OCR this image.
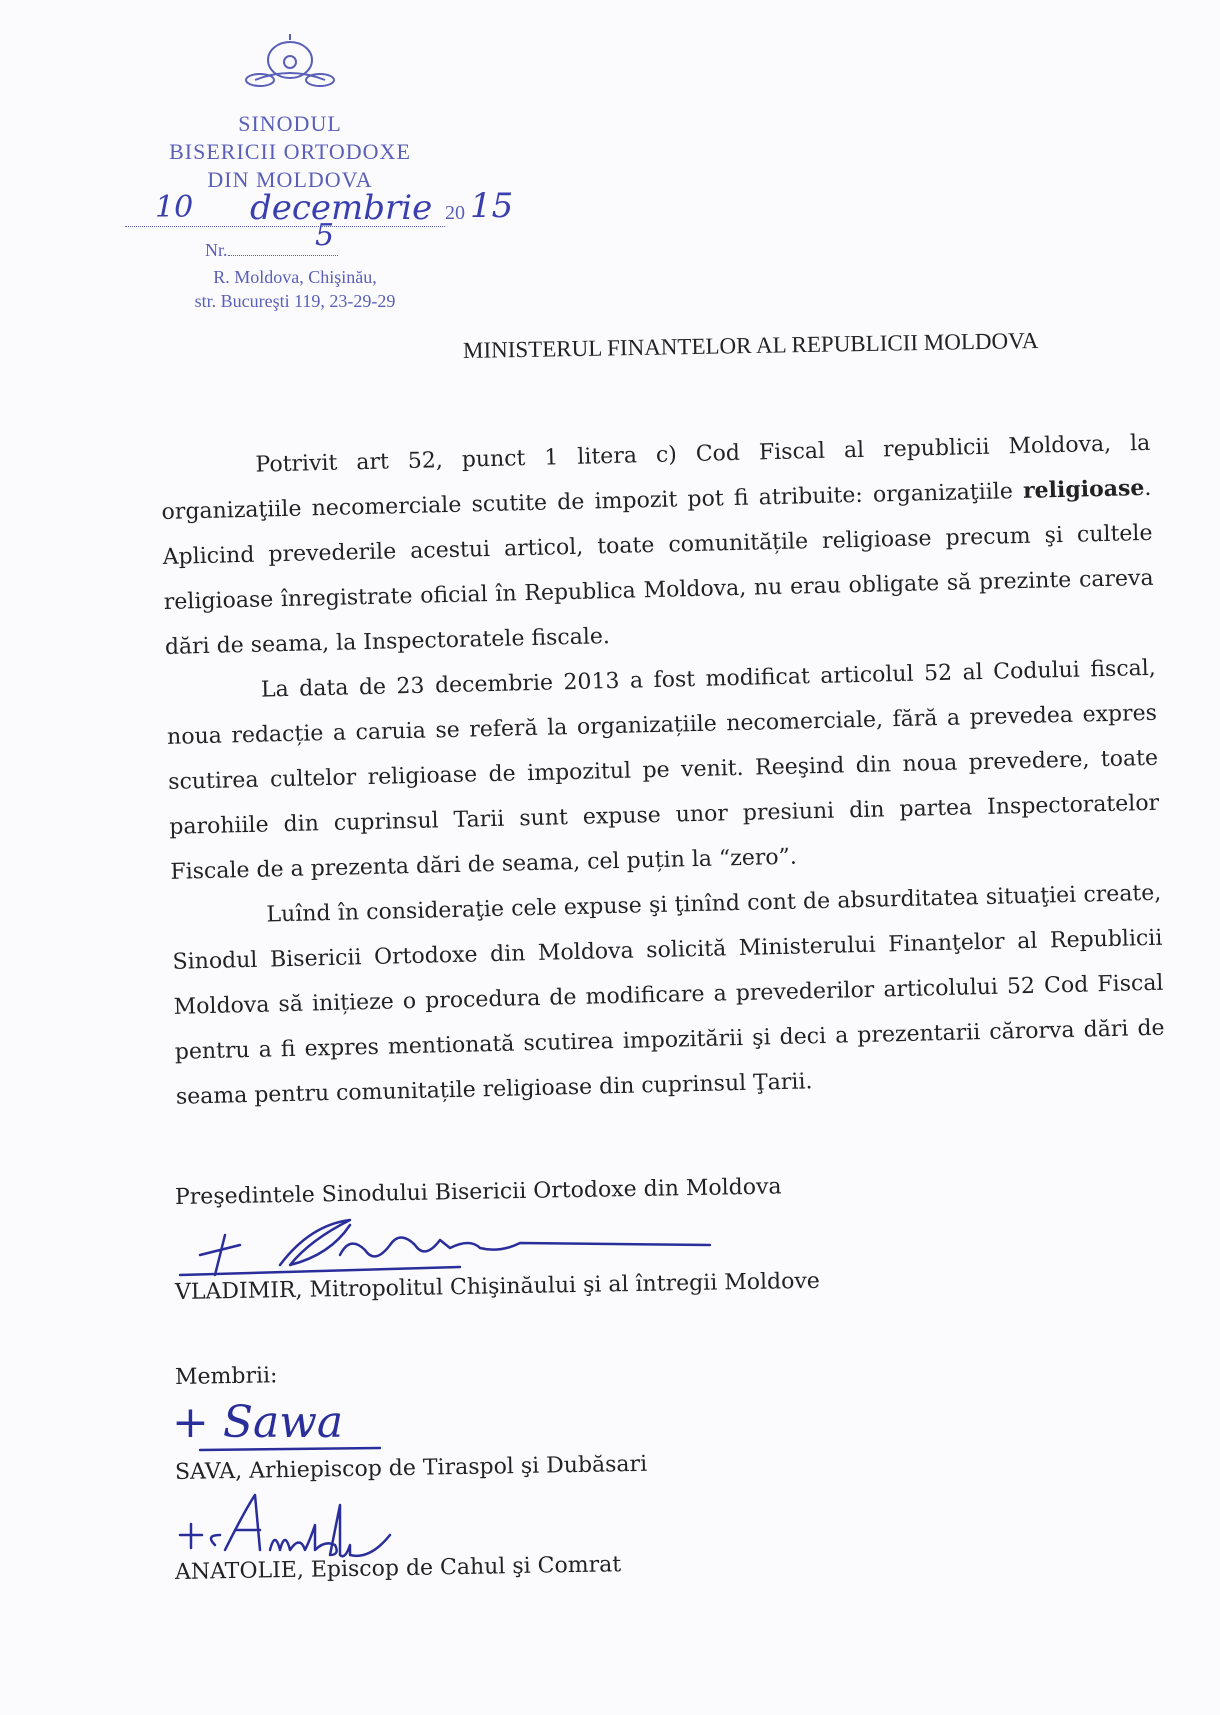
SINODUL
BISERICII ORTODOXE
DIN MOLDOVA
10 decembrie 20 15
Nr.	5
R. Moldova, Chişinău,
str. Bucureşti 119, 23-29-29
MINISTERUL FINANTELOR AL REPUBLICII MOLDOVA

Potrivit art 52, punct 1 litera c) Cod Fiscal al republicii Moldova, la organizaţiile necomerciale scutite de impozit pot fi atribuite: organizaţiile religioase. Aplicind prevederile acestui articol, toate comunitățile religioase precum şi cultele religioase înregistrate oficial în Republica Moldova, nu erau obligate să prezinte careva dări de seama, la Inspectoratele fiscale.

La data de 23 decembrie 2013 a fost modificat articolul 52 al Codului fiscal, noua redacție a caruia se referă la organizațiile necomerciale, fără a prevedea expres scutirea cultelor religioase de impozitul pe venit. Reeşind din noua prevedere, toate parohiile din cuprinsul Tarii sunt expuse unor presiuni din partea Inspectoratelor Fiscale de a prezenta dări de seama, cel puțin la “zero”.

Luînd în consideraţie cele expuse şi ţinînd cont de absurditatea situaţiei create, Sinodul Bisericii Ortodoxe din Moldova solicită Ministerului Finanţelor al Republicii Moldova să inițieze o procedura de modificare a prevederilor articolului 52 Cod Fiscal pentru a fi expres mentionată scutirea impozitării şi deci a prezentarii cărorva dări de seama pentru comunitațile religioase din cuprinsul Ţarii.

Preşedintele Sinodului Bisericii Ortodoxe din Moldova
VLADIMIR, Mitropolitul Chişinăului şi al întregii Moldove
Membrii:
+ Sawa
SAVA, Arhiepiscop de Tiraspol şi Dubăsari
ANATOLIE, Episcop de Cahul şi Comrat
